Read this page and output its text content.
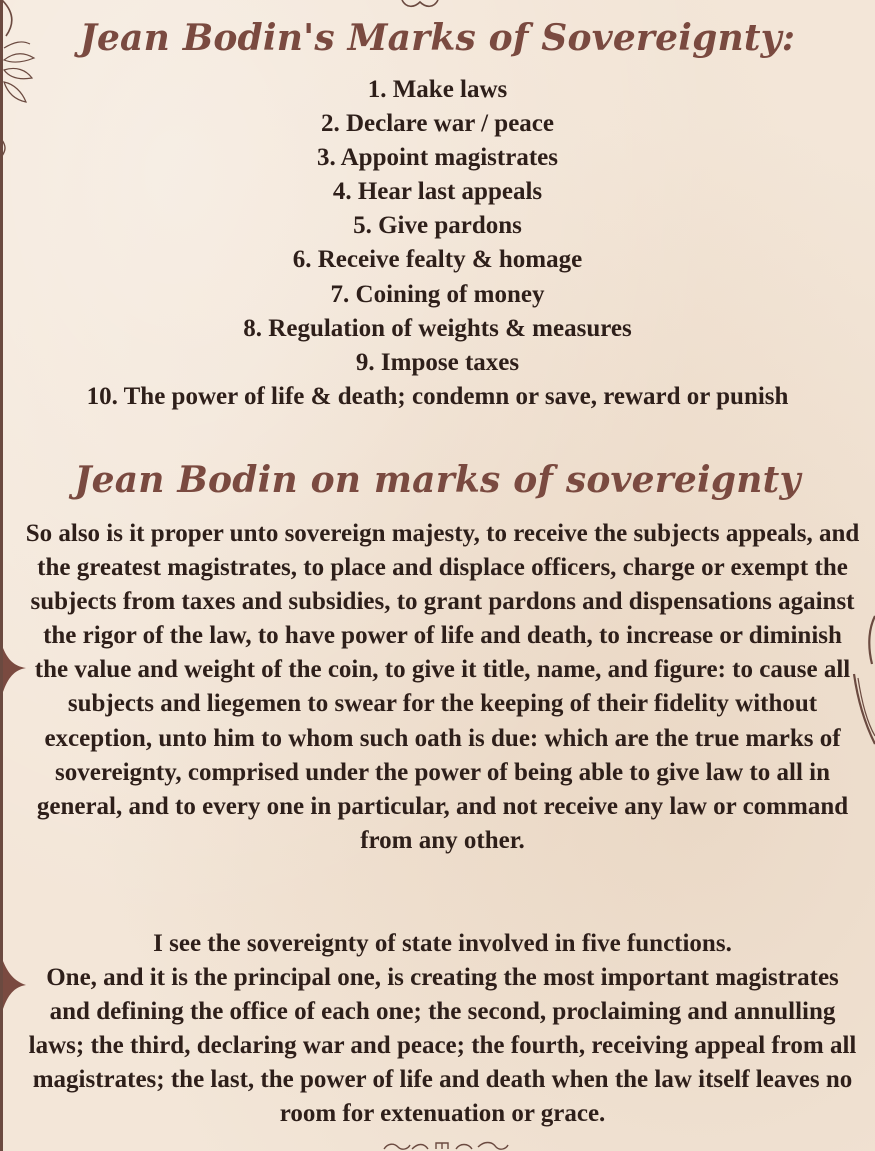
Jean Bodin's Marks of Sovereignty:
1. Make laws
2. Declare war / peace
3. Appoint magistrates
4. Hear last appeals
5. Give pardons
6. Receive fealty & homage
7. Coining of money
8. Regulation of weights & measures
9. Impose taxes
10. The power of life & death; condemn or save, reward or punish
Jean Bodin on marks of sovereignty

So also is it proper unto sovereign majesty, to receive the subjects appeals, and the greatest magistrates, to place and displace officers, charge or exempt the subjects from taxes and subsidies, to grant pardons and dispensations against the rigor of the law, to have power of life and death, to increase or diminish the value and weight of the coin, to give it title, name, and figure: to cause all subjects and liegemen to swear for the keeping of their fidelity without exception, unto him to whom such oath is due: which are the true marks of sovereignty, comprised under the power of being able to give law to all in general, and to every one in particular, and not receive any law or command from any other.

I see the sovereignty of state involved in five functions.

One, and it is the principal one, is creating the most important magistrates and defining the office of each one; the second, proclaiming and annulling laws; the third, declaring war and peace; the fourth, receiving appeal from all magistrates; the last, the power of life and death when the law itself leaves no room for extenuation or grace.
